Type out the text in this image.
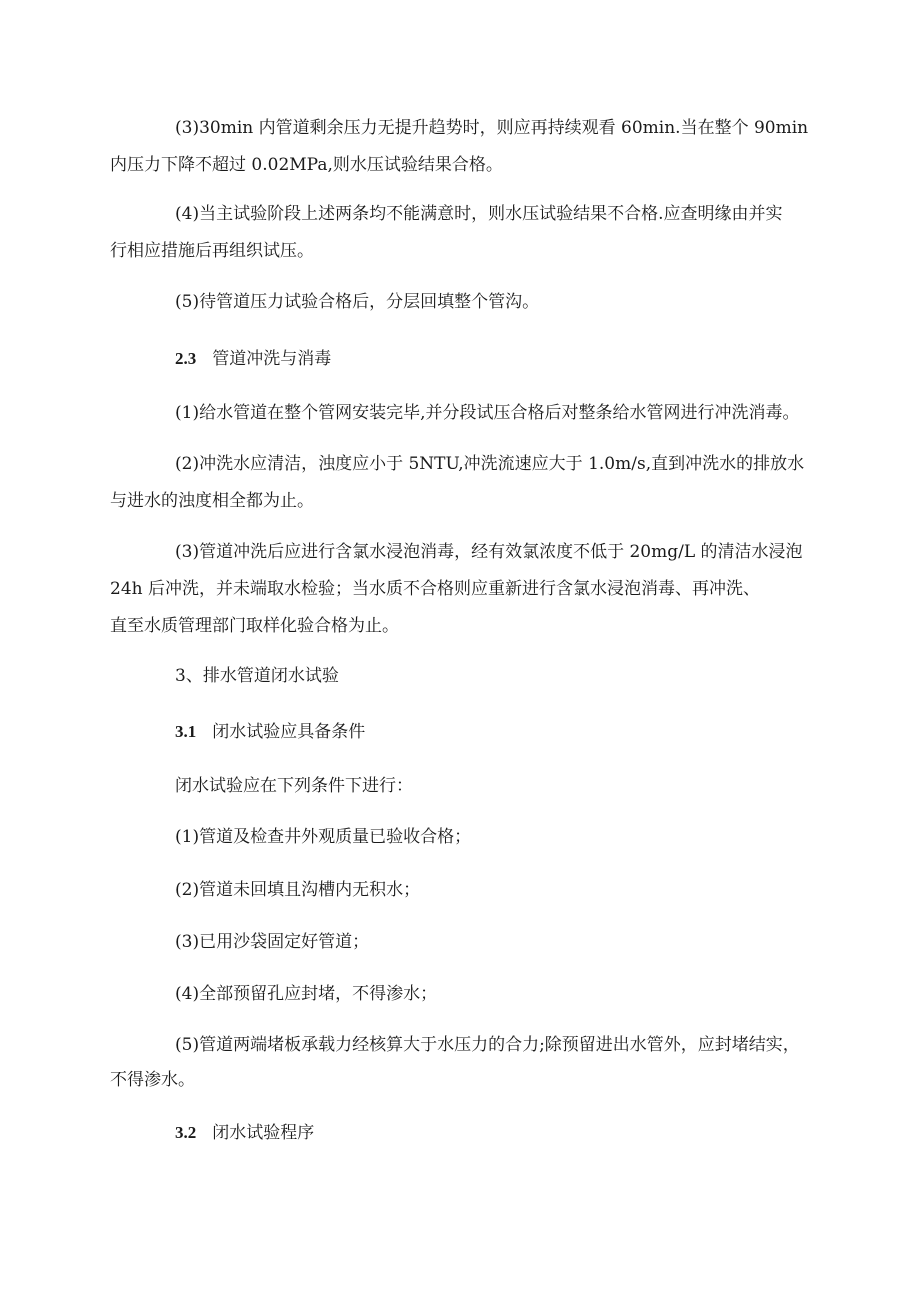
(3)30min 内管道剩余压力无提升趋势时，则应再持续观看 60min.当在整个 90min
内压力下降不超过 0.02MPa,则水压试验结果合格。
(4)当主试验阶段上述两条均不能满意时，则水压试验结果不合格.应查明缘由并实
行相应措施后再组织试压。
(5)待管道压力试验合格后，分层回填整个管沟。
2.3 管道冲洗与消毒
(1)给水管道在整个管网安装完毕,并分段试压合格后对整条给水管网进行冲洗消毒。
(2)冲洗水应清洁，浊度应小于 5NTU,冲洗流速应大于 1.0m/s,直到冲洗水的排放水
与进水的浊度相全都为止。
(3)管道冲洗后应进行含氯水浸泡消毒，经有效氯浓度不低于 20mg/L 的清洁水浸泡
24h 后冲洗，并未端取水检验；当水质不合格则应重新进行含氯水浸泡消毒、再冲洗、
直至水质管理部门取样化验合格为止。
3、排水管道闭水试验
3.1 闭水试验应具备条件
闭水试验应在下列条件下进行：
(1)管道及检查井外观质量已验收合格；
(2)管道未回填且沟槽内无积水；
(3)已用沙袋固定好管道；
(4)全部预留孔应封堵，不得渗水；
(5)管道两端堵板承载力经核算大于水压力的合力;除预留进出水管外，应封堵结实，
不得渗水。
3.2 闭水试验程序
